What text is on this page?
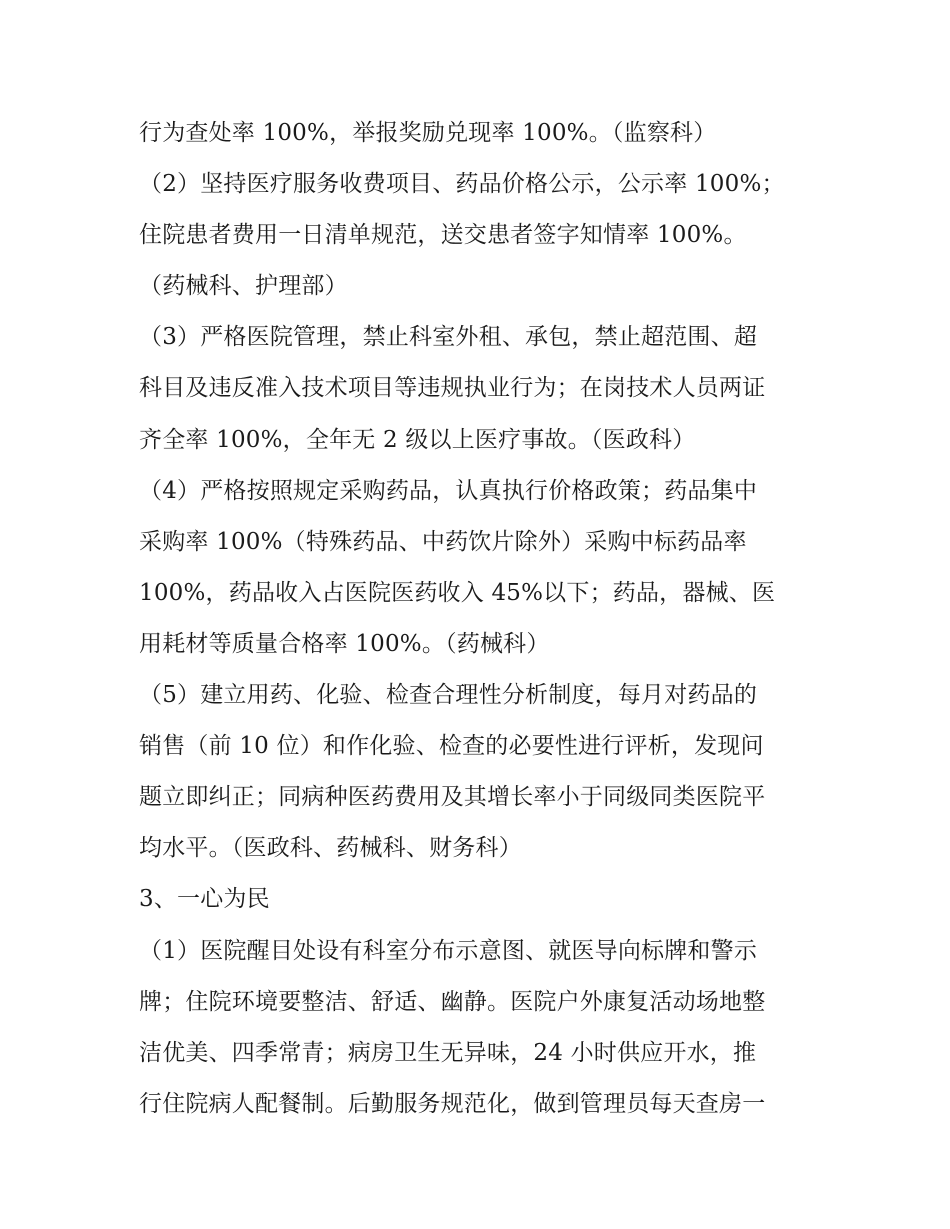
行为查处率 100%，举报奖励兑现率 100%。（监察科）
（2）坚持医疗服务收费项目、药品价格公示，公示率 100%；
住院患者费用一日清单规范，送交患者签字知情率 100%。
（药械科、护理部）
（3）严格医院管理，禁止科室外租、承包，禁止超范围、超
科目及违反准入技术项目等违规执业行为；在岗技术人员两证
齐全率 100%，全年无 2 级以上医疗事故。（医政科）
（4）严格按照规定采购药品，认真执行价格政策；药品集中
采购率 100%（特殊药品、中药饮片除外）采购中标药品率
100%，药品收入占医院医药收入 45%以下；药品，器械、医
用耗材等质量合格率 100%。（药械科）
（5）建立用药、化验、检查合理性分析制度，每月对药品的
销售（前 10 位）和作化验、检查的必要性进行评析，发现问
题立即纠正；同病种医药费用及其增长率小于同级同类医院平
均水平。（医政科、药械科、财务科）
3、一心为民
（1）医院醒目处设有科室分布示意图、就医导向标牌和警示
牌；住院环境要整洁、舒适、幽静。医院户外康复活动场地整
洁优美、四季常青；病房卫生无异味，24 小时供应开水，推
行住院病人配餐制。后勤服务规范化，做到管理员每天查房一
